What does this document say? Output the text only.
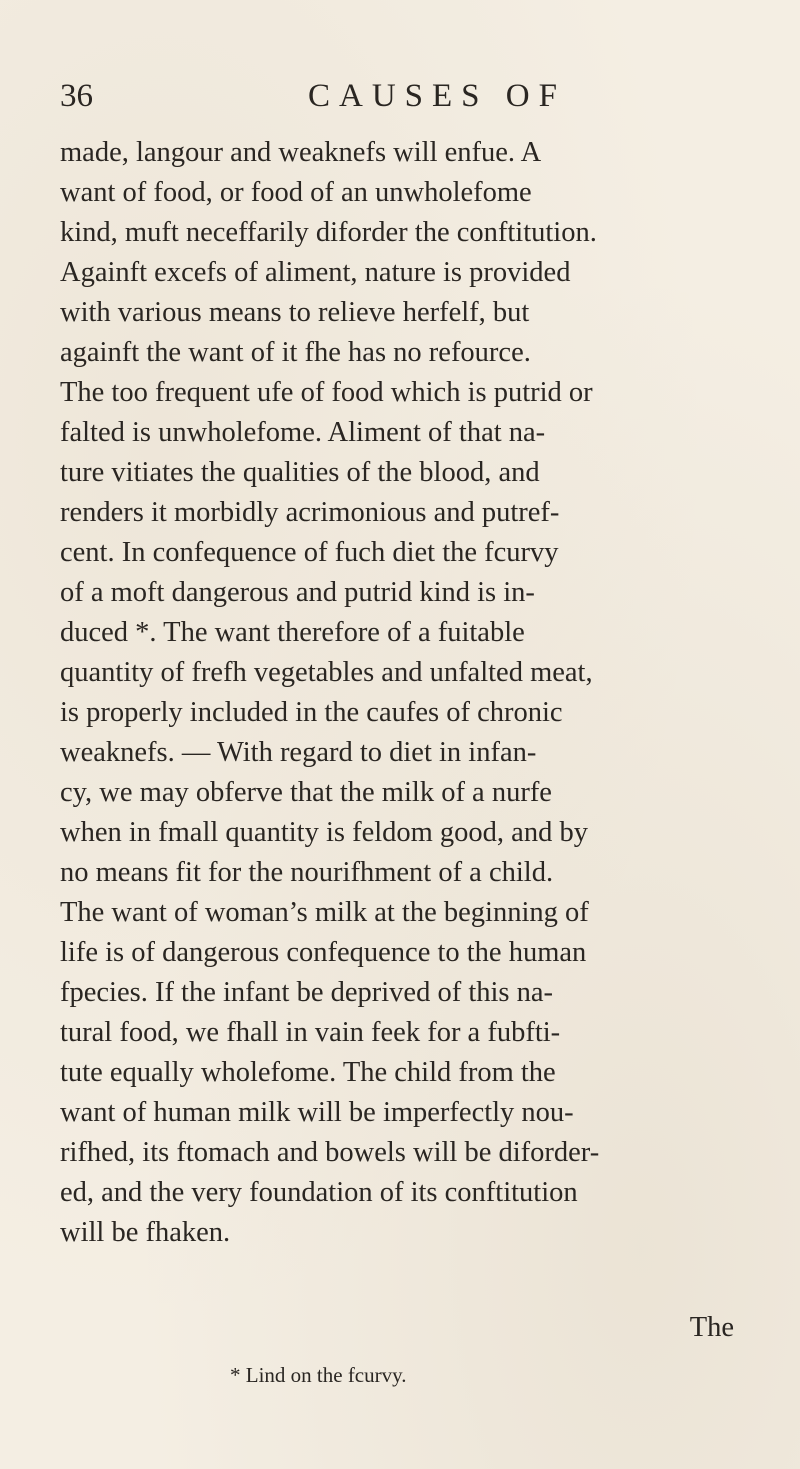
36	CAUSES OF
made, langour and weaknefs will enfue. A
want of food, or food of an unwholefome
kind, muft neceffarily diforder the conftitution.
Againft excefs of aliment, nature is provided
with various means to relieve herfelf, but
againft the want of it fhe has no refource.
The too frequent ufe of food which is putrid or
falted is unwholefome. Aliment of that na-
ture vitiates the qualities of the blood, and
renders it morbidly acrimonious and putref-
cent. In confequence of fuch diet the fcurvy
of a moft dangerous and putrid kind is in-
duced *. The want therefore of a fuitable
quantity of frefh vegetables and unfalted meat,
is properly included in the caufes of chronic
weaknefs. — With regard to diet in infan-
cy, we may obferve that the milk of a nurfe
when in fmall quantity is feldom good, and by
no means fit for the nourifhment of a child.
The want of woman’s milk at the beginning of
life is of dangerous confequence to the human
fpecies. If the infant be deprived of this na-
tural food, we fhall in vain feek for a fubfti-
tute equally wholefome. The child from the
want of human milk will be imperfectly nou-
rifhed, its ftomach and bowels will be diforder-
ed, and the very foundation of its conftitution
will be fhaken.
The
* Lind on the fcurvy.
